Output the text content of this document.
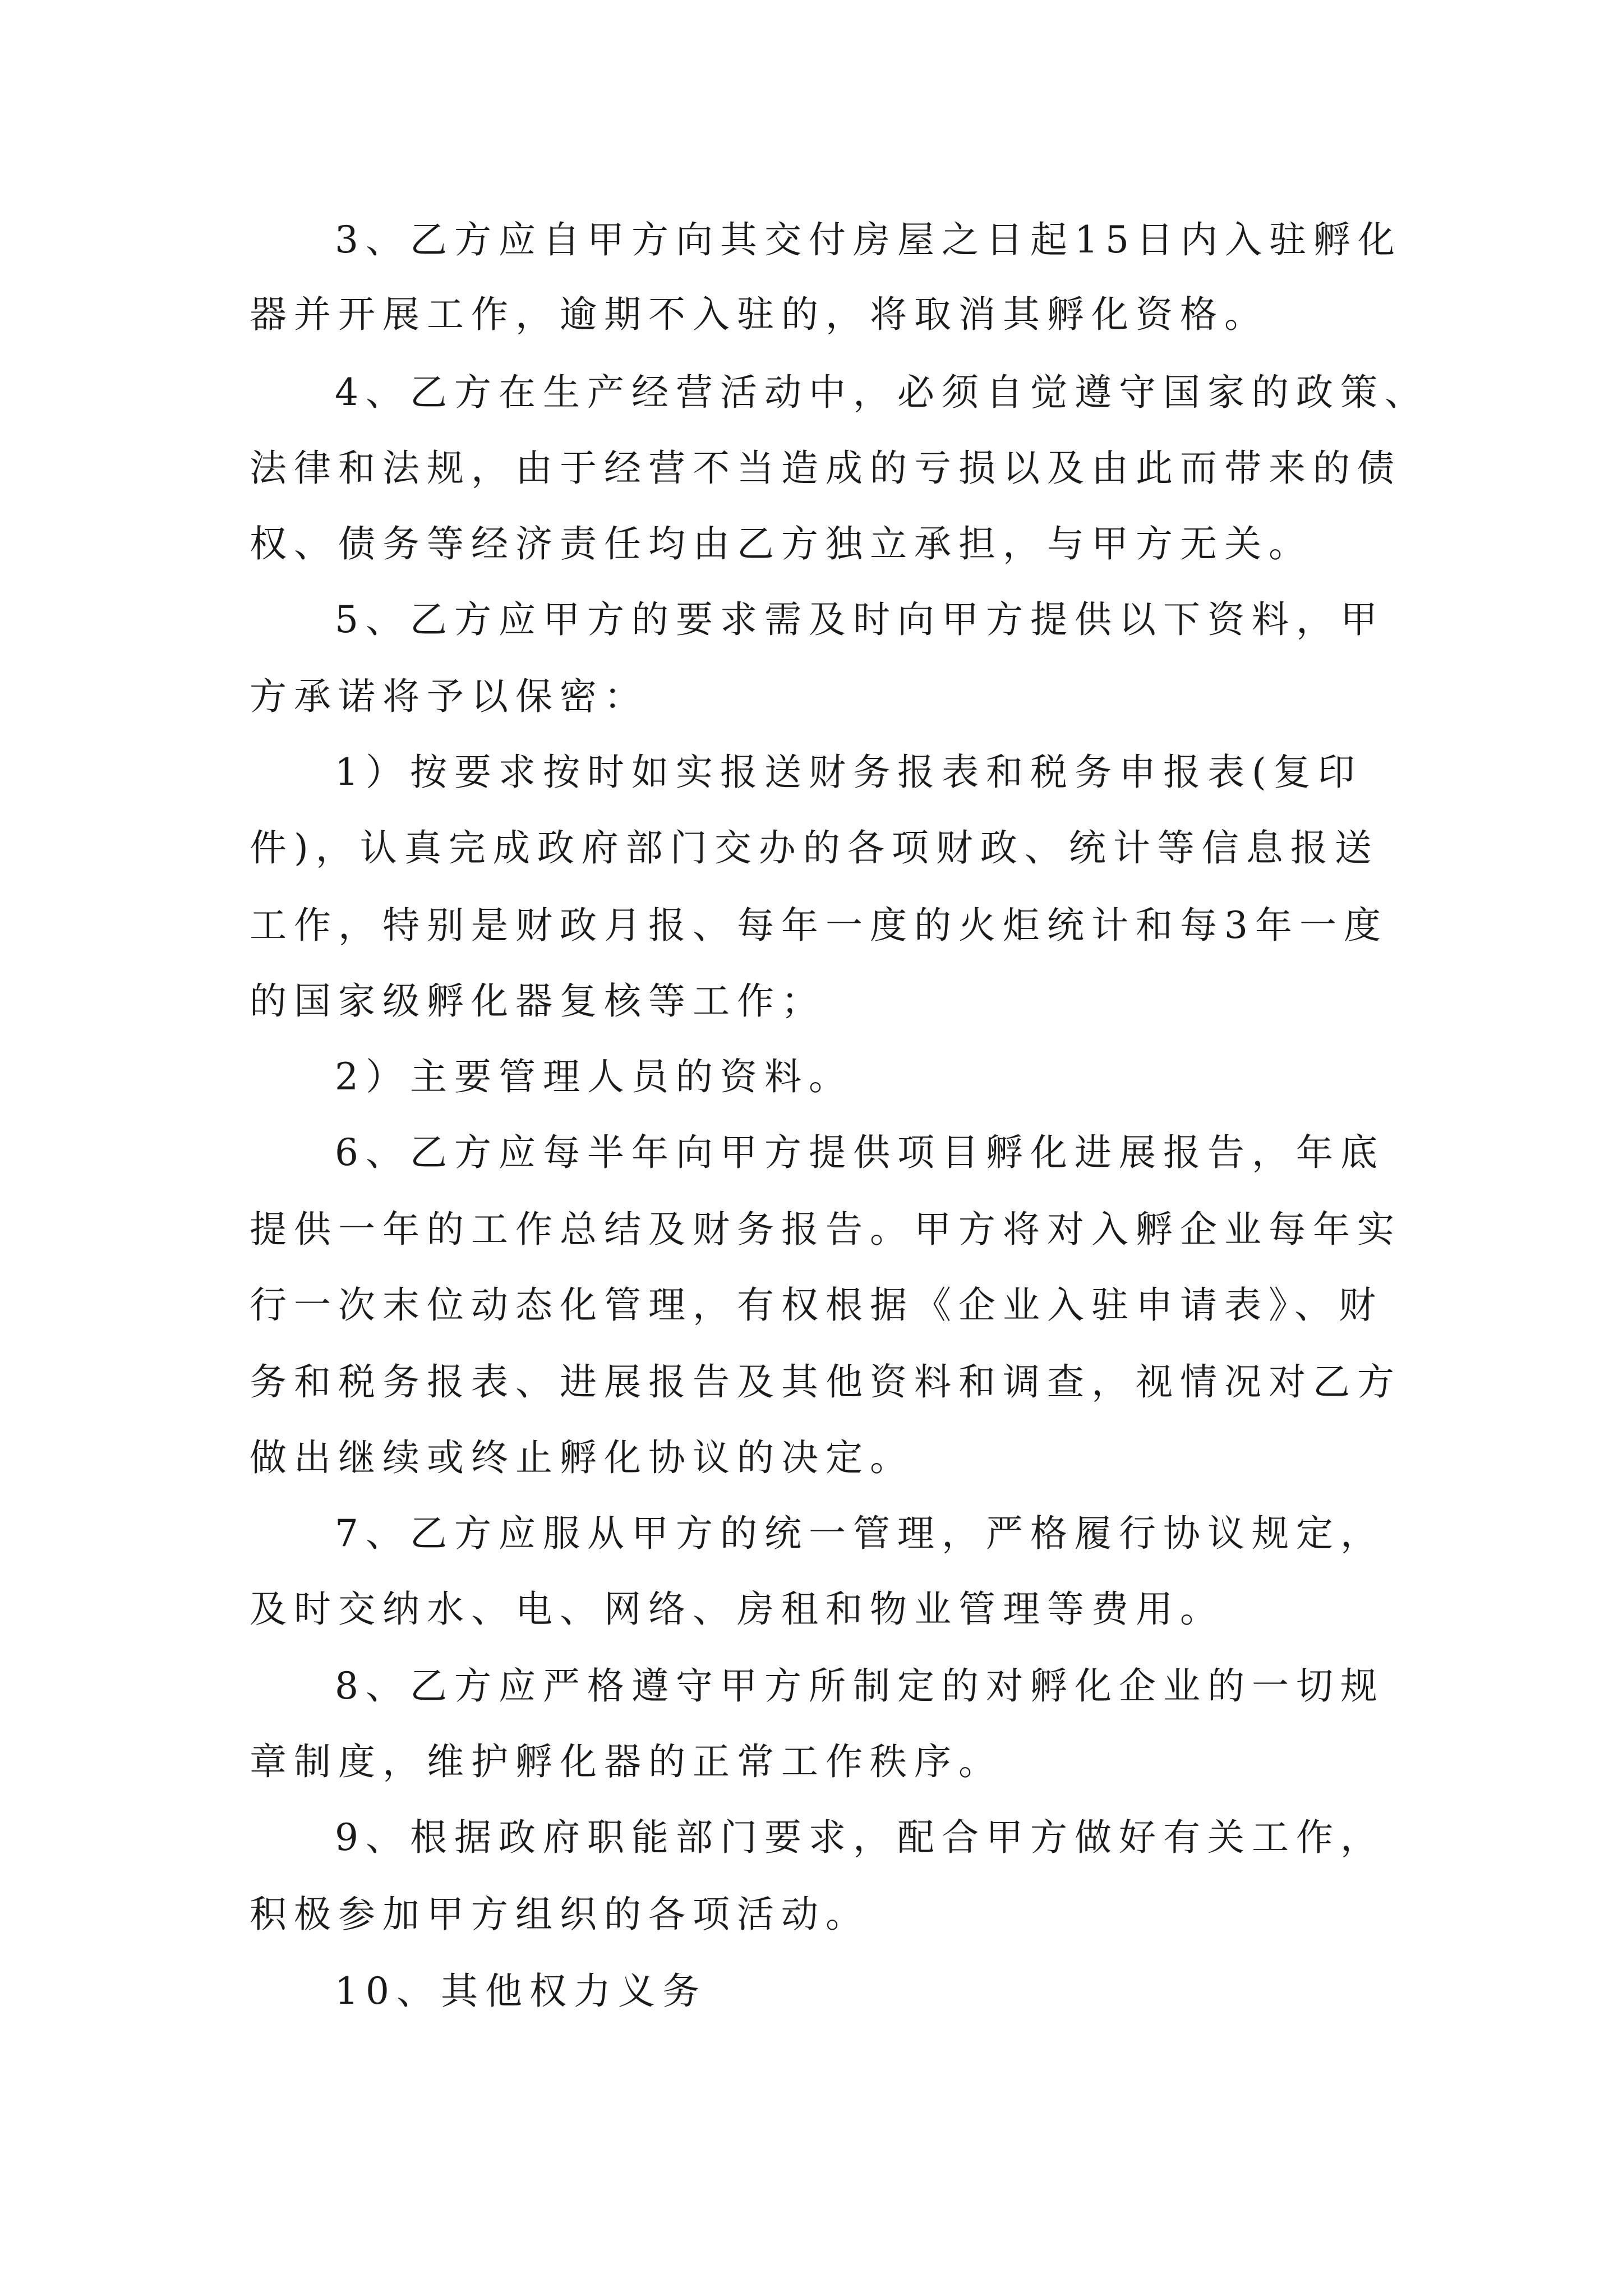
3、乙方应自甲方向其交付房屋之日起15日内入驻孵化
器并开展工作，逾期不入驻的，将取消其孵化资格。
4、乙方在生产经营活动中，必须自觉遵守国家的政策、
法律和法规，由于经营不当造成的亏损以及由此而带来的债
权、债务等经济责任均由乙方独立承担，与甲方无关。
5、乙方应甲方的要求需及时向甲方提供以下资料，甲
方承诺将予以保密：
1）按要求按时如实报送财务报表和税务申报表(复印
件)，认真完成政府部门交办的各项财政、统计等信息报送
工作，特别是财政月报、每年一度的火炬统计和每3年一度
的国家级孵化器复核等工作；
2）主要管理人员的资料。
6、乙方应每半年向甲方提供项目孵化进展报告，年底
提供一年的工作总结及财务报告。甲方将对入孵企业每年实
行一次末位动态化管理，有权根据《企业入驻申请表》、财
务和税务报表、进展报告及其他资料和调查，视情况对乙方
做出继续或终止孵化协议的决定。
7、乙方应服从甲方的统一管理，严格履行协议规定，
及时交纳水、电、网络、房租和物业管理等费用。
8、乙方应严格遵守甲方所制定的对孵化企业的一切规
章制度，维护孵化器的正常工作秩序。
9、根据政府职能部门要求，配合甲方做好有关工作，
积极参加甲方组织的各项活动。
10、其他权力义务
